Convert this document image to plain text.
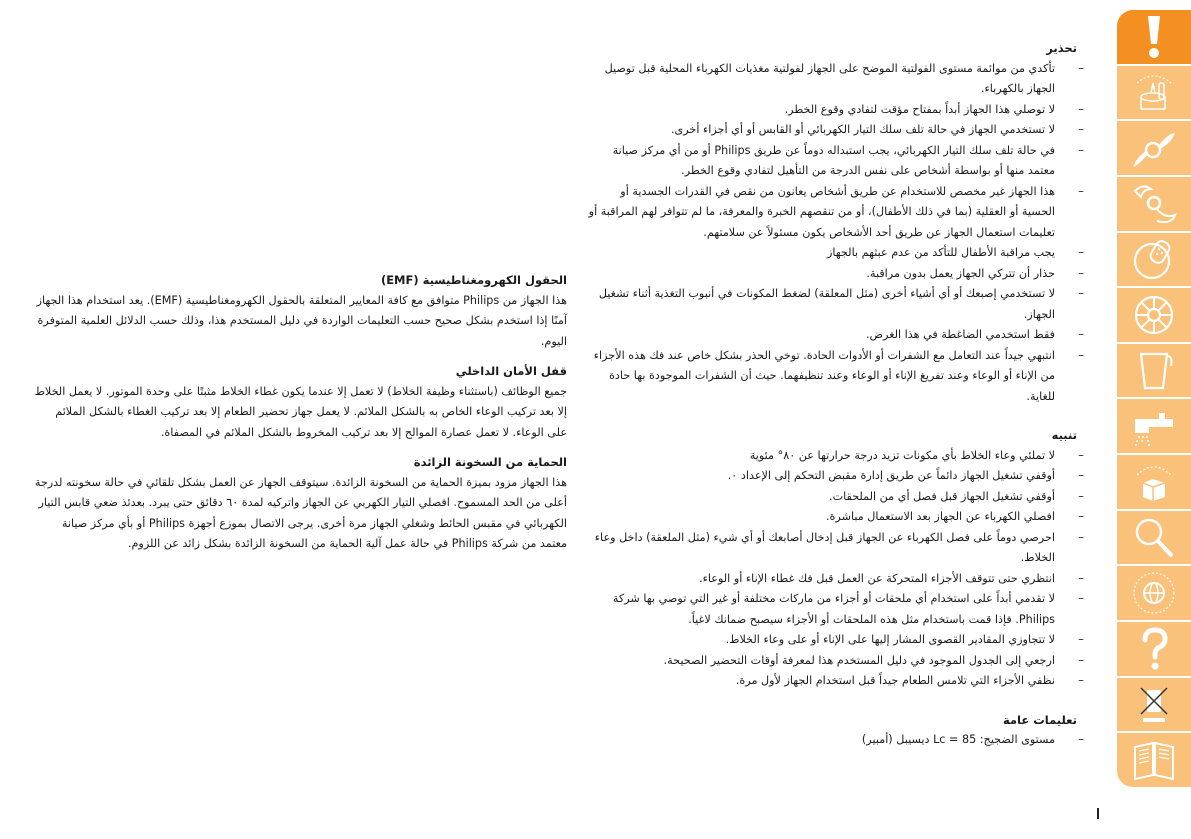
تحذير
–
تأكدي من موائمة مستوى الفولتية الموضح على الجهاز لفولتية مغذيات الكهرباء المحلية قبل توصيل الجهاز بالكهرباء.
–
لا توصلي هذا الجهاز أبداً بمفتاح مؤقت لتفادي وقوع الخطر.
–
لا تستخدمي الجهاز في حالة تلف سلك التيار الكهربائي أو القابس أو أي أجزاء أخرى.
–
في حالة تلف سلك التيار الكهربائي، يجب استبداله دوماً عن طريق Philips أو من أي مركز صيانة معتمد منها أو بواسطة أشخاص على نفس الدرجة من التأهيل لتفادي وقوع الخطر.
–
هذا الجهاز غير مخصص للاستخدام عن طريق أشخاص يعانون من نقص في القدرات الجسدية أو الحسية أو العقلية (بما في ذلك الأطفال)، أو من تنقصهم الخبرة والمعرفة، ما لم تتوافر لهم المراقبة أو تعليمات استعمال الجهاز عن طريق أحد الأشخاص يكون مسئولاً عن سلامتهم.
–
يجب مراقبة الأطفال للتأكد من عدم عبثهم بالجهاز
–
حذار أن تتركي الجهاز يعمل بدون مراقبة.
–
لا تستخدمي إصبعك أو أي أشياء أخرى (مثل المعلقة) لضغط المكونات في أنبوب التغذية أثناء تشغيل الجهاز.
–
فقط استخدمي الضاغطة في هذا الغرض.
–
انتبهي جيداً عند التعامل مع الشفرات أو الأدوات الحادة. توخي الحذر بشكل خاص عند فك هذه الأجزاء من الإناء أو الوعاء وعند تفريغ الإناء أو الوعاء وعند تنظيفهما. حيث أن الشفرات الموجودة بها حادة للغاية.
تنبيه
–
لا تملئي وعاء الخلاط بأي مكونات تزيد درجة حرارتها عن ٨٠° مئوية
–
أوقفي تشغيل الجهاز دائماً عن طريق إدارة مقبض التحكم إلى الإعداد ٠.
–
أوقفي تشغيل الجهاز قبل فصل أي من الملحقات.
–
افصلي الكهرباء عن الجهاز بعد الاستعمال مباشرة.
–
احرصي دوماً على فصل الكهرباء عن الجهاز قبل إدخال أصابعك أو أي شيء (مثل الملعقة) داخل وعاء الخلاط.
–
انتظري حتى تتوقف الأجزاء المتحركة عن العمل قبل فك غطاء الإناء أو الوعاء.
–
لا تقدمي أبداً على استخدام أي ملحقات أو أجزاء من ماركات مختلفة أو غير التي توصي بها شركة Philips. فإذا قمت باستخدام مثل هذه الملحقات أو الأجزاء سيصبح ضمانك لاغياً.
–
لا تتجاوزي المقادير القصوى المشار إليها على الإناء أو على وعاء الخلاط.
–
ارجعي إلى الجدول الموجود في دليل المستخدم هذا لمعرفة أوقات التحضير الصحيحة.
–
نظفي الأجزاء التي تلامس الطعام جيداً قبل استخدام الجهاز لأول مرة.
تعليمات عامة
–
مستوى الضجيج: Lc = 85 ديسيبل (أمبير)
الحقول الكهرومغناطيسية (EMF)

هذا الجهاز من Philips متوافق مع كافة المعايير المتعلقة بالحقول الكهرومغناطيسية (EMF). يعد استخدام هذا الجهاز آمنًا إذا استخدم بشكل صحيح حسب التعليمات الواردة في دليل المستخدم هذا، وذلك حسب الدلائل العلمية المتوفرة اليوم.

قفل الأمان الداخلي

جميع الوظائف (باستثناء وظيفة الخلاط) لا تعمل إلا عندما يكون غطاء الخلاط مثبتًا على وحدة الموتور. لا يعمل الخلاط إلا بعد تركيب الوعاء الخاص به بالشكل الملائم. لا يعمل جهاز تحضير الطعام إلا بعد تركيب الغطاء بالشكل الملائم على الوعاء. لا تعمل عصارة الموالح إلا بعد تركيب المخروط بالشكل الملائم في المصفاة.

الحماية من السخونة الزائدة

هذا الجهاز مزود بميزة الحماية من السخونة الزائدة. سيتوقف الجهاز عن العمل بشكل تلقائي في حالة سخونته لدرجة أعلى من الحد المسموح. افصلي التيار الكهربي عن الجهاز واتركيه لمدة ٦٠ دقائق حتى يبرد. بعدئذ ضعي قابس التيار الكهربائي في مقبس الحائط وشغلي الجهاز مرة أخرى. يرجى الاتصال بموزع أجهزة Philips أو بأي مركز صيانة معتمد من شركة Philips في حالة عمل آلية الحماية من السخونة الزائدة بشكل زائد عن اللزوم.
